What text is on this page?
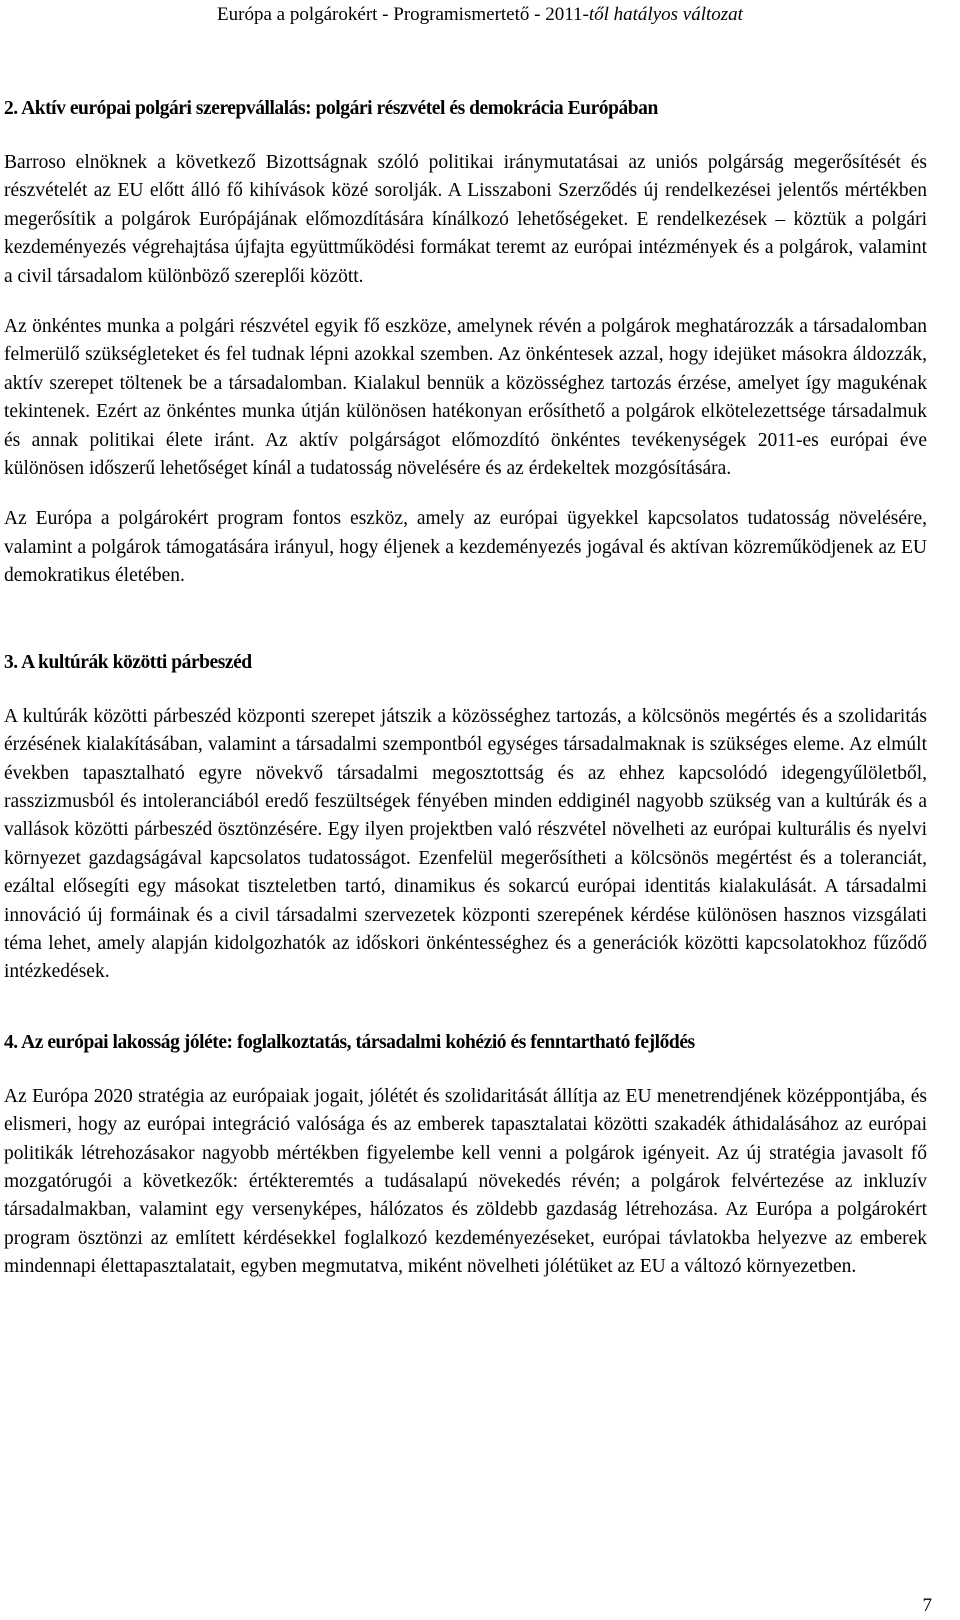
Európa a polgárokért - Programismertető - 2011-től hatályos változat
2. Aktív európai polgári szerepvállalás: polgári részvétel és demokrácia Európában

Barroso elnöknek a következő Bizottságnak szóló politikai iránymutatásai az uniós polgárság megerősítését és részvételét az EU előtt álló fő kihívások közé sorolják. A Lisszaboni Szerződés új rendelkezései jelentős mértékben megerősítik a polgárok Európájának előmozdítására kínálkozó lehetőségeket. E rendelkezések – köztük a polgári kezdeményezés végrehajtása újfajta együttműködési formákat teremt az európai intézmények és a polgárok, valamint a civil társadalom különböző szereplői között.

Az önkéntes munka a polgári részvétel egyik fő eszköze, amelynek révén a polgárok meghatározzák a társadalomban felmerülő szükségleteket és fel tudnak lépni azokkal szemben. Az önkéntesek azzal, hogy idejüket másokra áldozzák, aktív szerepet töltenek be a társadalomban. Kialakul bennük a közösséghez tartozás érzése, amelyet így magukénak tekintenek. Ezért az önkéntes munka útján különösen hatékonyan erősíthető a polgárok elkötelezettsége társadalmuk és annak politikai élete iránt. Az aktív polgárságot előmozdító önkéntes tevékenységek 2011-es európai éve különösen időszerű lehetőséget kínál a tudatosság növelésére és az érdekeltek mozgósítására.

Az Európa a polgárokért program fontos eszköz, amely az európai ügyekkel kapcsolatos tudatosság növelésére, valamint a polgárok támogatására irányul, hogy éljenek a kezdeményezés jogával és aktívan közreműködjenek az EU demokratikus életében.

3. A kultúrák közötti párbeszéd

A kultúrák közötti párbeszéd központi szerepet játszik a közösséghez tartozás, a kölcsönös megértés és a szolidaritás érzésének kialakításában, valamint a társadalmi szempontból egységes társadalmaknak is szükséges eleme. Az elmúlt években tapasztalható egyre növekvő társadalmi megosztottság és az ehhez kapcsolódó idegengyűlöletből, rasszizmusból és intoleranciából eredő feszültségek fényében minden eddiginél nagyobb szükség van a kultúrák és a vallások közötti párbeszéd ösztönzésére. Egy ilyen projektben való részvétel növelheti az európai kulturális és nyelvi környezet gazdagságával kapcsolatos tudatosságot. Ezenfelül megerősítheti a kölcsönös megértést és a toleranciát, ezáltal elősegíti egy másokat tiszteletben tartó, dinamikus és sokarcú európai identitás kialakulását. A társadalmi innováció új formáinak és a civil társadalmi szervezetek központi szerepének kérdése különösen hasznos vizsgálati téma lehet, amely alapján kidolgozhatók az időskori önkéntességhez és a generációk közötti kapcsolatokhoz fűződő intézkedések.

4. Az európai lakosság jóléte: foglalkoztatás, társadalmi kohézió és fenntartható fejlődés

Az Európa 2020 stratégia az európaiak jogait, jólétét és szolidaritását állítja az EU menetrendjének középpontjába, és elismeri, hogy az európai integráció valósága és az emberek tapasztalatai közötti szakadék áthidalásához az európai politikák létrehozásakor nagyobb mértékben figyelembe kell venni a polgárok igényeit. Az új stratégia javasolt fő mozgatórugói a következők: értékteremtés a tudásalapú növekedés révén; a polgárok felvértezése az inkluzív társadalmakban, valamint egy versenyképes, hálózatos és zöldebb gazdaság létrehozása. Az Európa a polgárokért program ösztönzi az említett kérdésekkel foglalkozó kezdeményezéseket, európai távlatokba helyezve az emberek mindennapi élettapasztalatait, egyben megmutatva, miként növelheti jólétüket az EU a változó környezetben.

7
